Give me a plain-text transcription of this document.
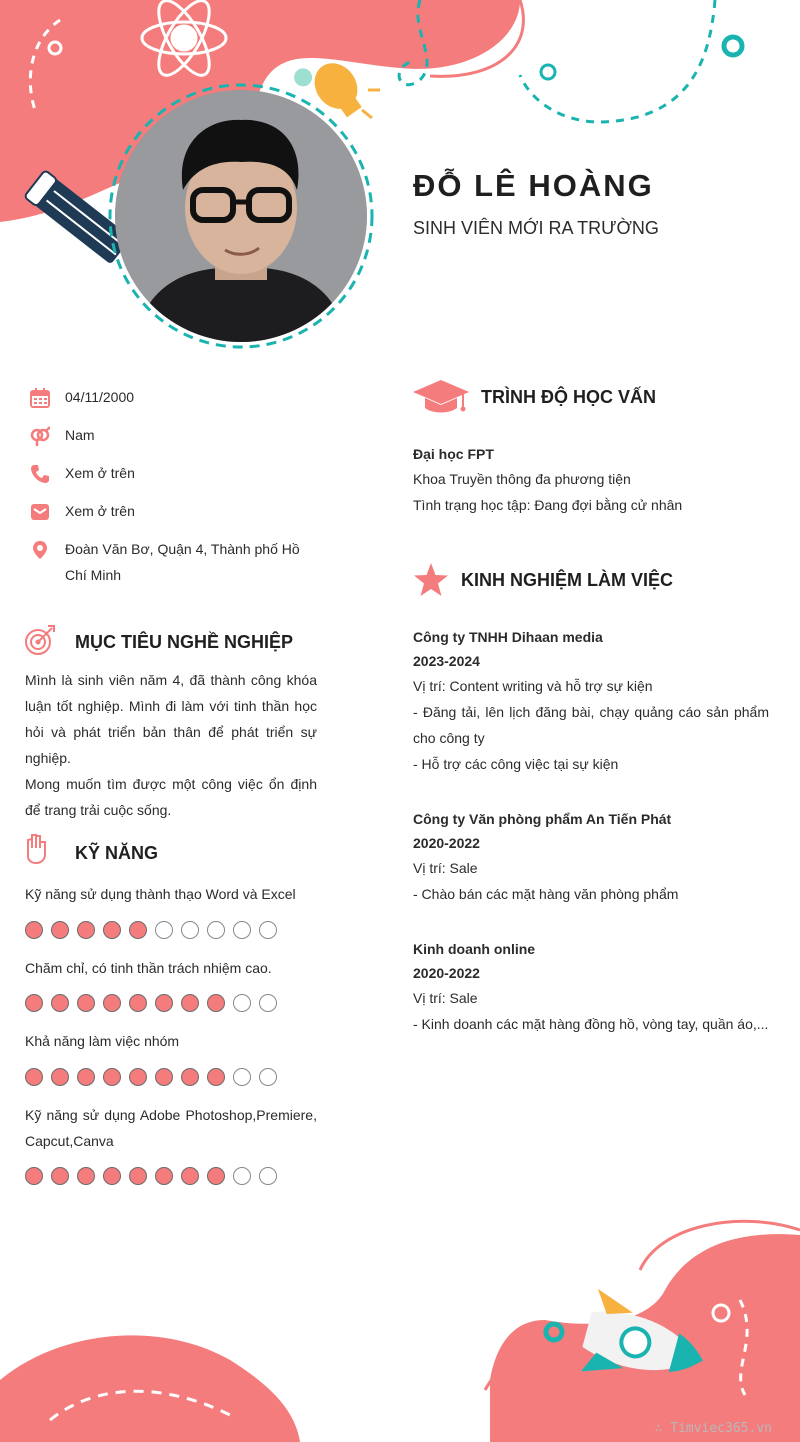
ĐỖ LÊ HOÀNG
SINH VIÊN MỚI RA TRƯỜNG
04/11/2000
Nam
Xem ở trên
Xem ở trên
Đoàn Văn Bơ, Quận 4, Thành phố Hồ Chí Minh
MỤC TIÊU NGHỀ NGHIỆP
Mình là sinh viên năm 4, đã thành công khóa luận tốt nghiệp. Mình đi làm với tinh thần học hỏi và phát triển bản thân để phát triển sự nghiệp.
Mong muốn tìm được một công việc ổn định để trang trải cuộc sống.
KỸ NĂNG
Kỹ năng sử dụng thành thạo Word và Excel
Chăm chỉ, có tinh thần trách nhiệm cao.
Khả năng làm việc nhóm
Kỹ năng sử dụng Adobe Photoshop,Premiere, Capcut,Canva
TRÌNH ĐỘ HỌC VẤN
Đại học FPT
Khoa Truyền thông đa phương tiện
Tình trạng học tập: Đang đợi bằng cử nhân
KINH NGHIỆM LÀM VIỆC
Công ty TNHH Dihaan media
2023-2024
Vị trí: Content writing và hỗ trợ sự kiện
- Đăng tải, lên lịch đăng bài, chạy quảng cáo sản phẩm cho công ty
- Hỗ trợ các công việc tại sự kiện
Công ty Văn phòng phẩm An Tiến Phát
2020-2022
Vị trí: Sale
- Chào bán các mặt hàng văn phòng phẩm
Kinh doanh online
2020-2022
Vị trí: Sale
- Kinh doanh các mặt hàng đồng hồ, vòng tay, quần áo,...
∴ Timviec365.vn
